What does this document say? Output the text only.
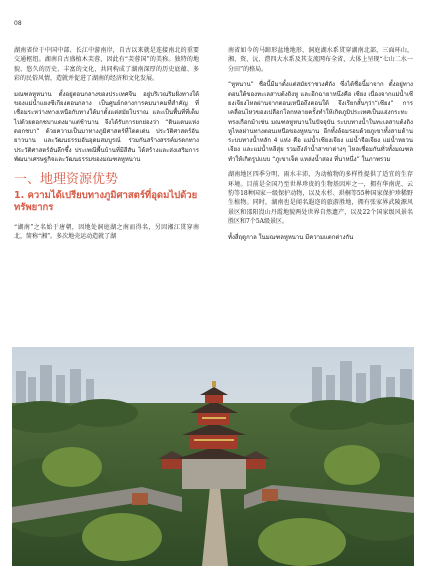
08

湖南省位于中国中部、长江中游南岸，自古以来就是连接南北的重要交通枢纽。湖南自古盛植木芙蓉，因此有“芙蓉国”的美称。独特的地貌、悠久的历史、丰富的文化，共同构成了湖南深厚的历史底蕴、多彩的民俗风情，造就并促进了湖南的经济和文化发展。

มณฑลหูหนาน ตั้งอยู่ตอนกลางของประเทศจีน อยู่บริเวณริมฝั่งทางใต้ของแม่น้ำแยงซีเกียงตอนกลาง เป็นศูนย์กลางการคมนาคมที่สำคัญ ที่เชื่อมระหว่างทางเหนือกับทางใต้มาตั้งแต่สมัยโบราณ และเป็นพื้นที่ที่เต็มไปด้วยดอกชบาแดงมาแต่ช้านาน จึงได้รับการยกย่องว่า “ดินแดนแห่งดอกชบา” ด้วยความเป็นมาทางภูมิศาสตร์ที่โดดเด่น ประวัติศาสตร์อันยาวนาน และวัฒนธรรมอันอุดมสมบูรณ์ ร่วมกันสร้างสรรค์มรดกทางประวัติศาสตร์อันลึกซึ้ง ประเพณีพื้นบ้านที่มีสีสัน ได้สร้างและส่งเสริมการพัฒนาเศรษฐกิจและวัฒนธรรมของมณฑลหูหนาน

一、地理资源优势
1. ความได้เปรียบทางภูมิศาสตร์ที่อุดมไปด้วยทรัพยากร

“湖南”之名始于唐朝，因地处洞庭湖之南而得名，另因湘江贯穿南北，简称“湘”。多次地壳运动造就了湖

南省如今的马蹄形盆地地形，洞庭湖水系贯穿湖南北部，三面环山，湘、资、沅、澧四大水系及其支流网布全省，大体上呈现“七山二水一分田”的格局。

“หูหนาน” ชื่อนี้มีมาตั้งแต่สมัยราชวงศ์ถัง ซึ่งได้ชื่อนี้มาจาก ตั้งอยู่ทางตอนใต้ของทะเลสาบต้งถิงหู และอีกฉายาหนึ่งคือ เซียง เนื่องจากแม่น้ำเซียงเจียงไหลผ่านจากตอนเหนือถึงตอนใต้ จึงเรียกสั้นๆว่า“เซียง” การเคลื่อนไหวของเปลือกโลกหลายครั้งทำให้เกิดภูมิประเทศเป็นแอ่งกระทะทรงเกือกม้าเช่น มณฑลหูหนานในปัจจุบัน ระบบทางน้ำในทะเลสาบต้งถิงหูไหลผ่านทางตอนเหนือของหูหนาน อีกทั้งล้อมรอบด้วยภูเขาทั้งสามด้าน ระบบทางน้ำหลัก 4 แห่ง คือ แม่น้ำเซียงเจียง แม่น้ำจือเจียง แม่น้ำหยวนเจียง และแม่น้ำหลีสุ่ย รวมถึงลำน้ำสาขาต่างๆ ไหลเชื่อมกันทั่วทั้งมณฑล ทำให้เกิดรูปแบบ “ภูเขาเจ็ด แหล่งน้ำสอง ที่นาหนึ่ง” ในภาพรวม

湖南地区四季分明、雨水丰沛，为动植物的多样性提供了适宜的生存环境。目前是全国乃至世界珍贵的生物基因库之一，拥有华南虎、云豹等18种国家一级保护动物，以及水杉、珙桐等55种国家保护珍稀野生植物。同时，湖南也是闻名遐迩的旅游胜地，拥有张家界武陵源风景区和邵阳崀山丹霞地貌两处世界自然遗产，以及22个国家级风景名胜区和7个5A级景区。

ทั้งสี่ฤดูกาล ในมณฑลหูหนาน มีความแตกต่างกัน
